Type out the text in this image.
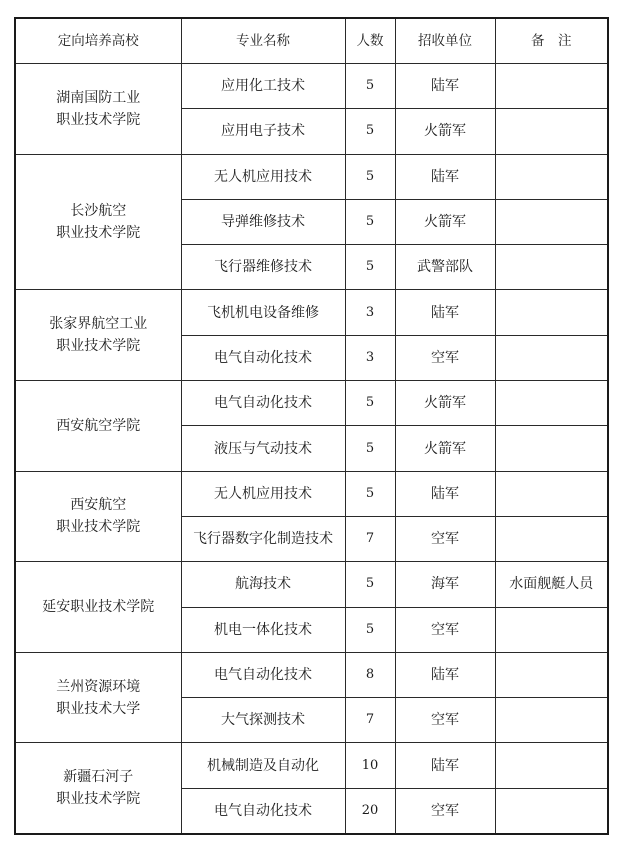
定向培养高校	专业名称	人数	招收单位	备　注
湖南国防工业
职业技术学院	应用化工技术	5	陆军	
	应用电子技术	5	火箭军	
长沙航空
职业技术学院	无人机应用技术	5	陆军	
	导弹维修技术	5	火箭军	
	飞行器维修技术	5	武警部队	
张家界航空工业
职业技术学院	飞机机电设备维修	3	陆军	
	电气自动化技术	3	空军	
西安航空学院	电气自动化技术	5	火箭军	
	液压与气动技术	5	火箭军	
西安航空
职业技术学院	无人机应用技术	5	陆军	
	飞行器数字化制造技术	7	空军	
延安职业技术学院	航海技术	5	海军	水面舰艇人员
	机电一体化技术	5	空军	
兰州资源环境
职业技术大学	电气自动化技术	8	陆军	
	大气探测技术	7	空军	
新疆石河子
职业技术学院	机械制造及自动化	10	陆军	
	电气自动化技术	20	空军	
